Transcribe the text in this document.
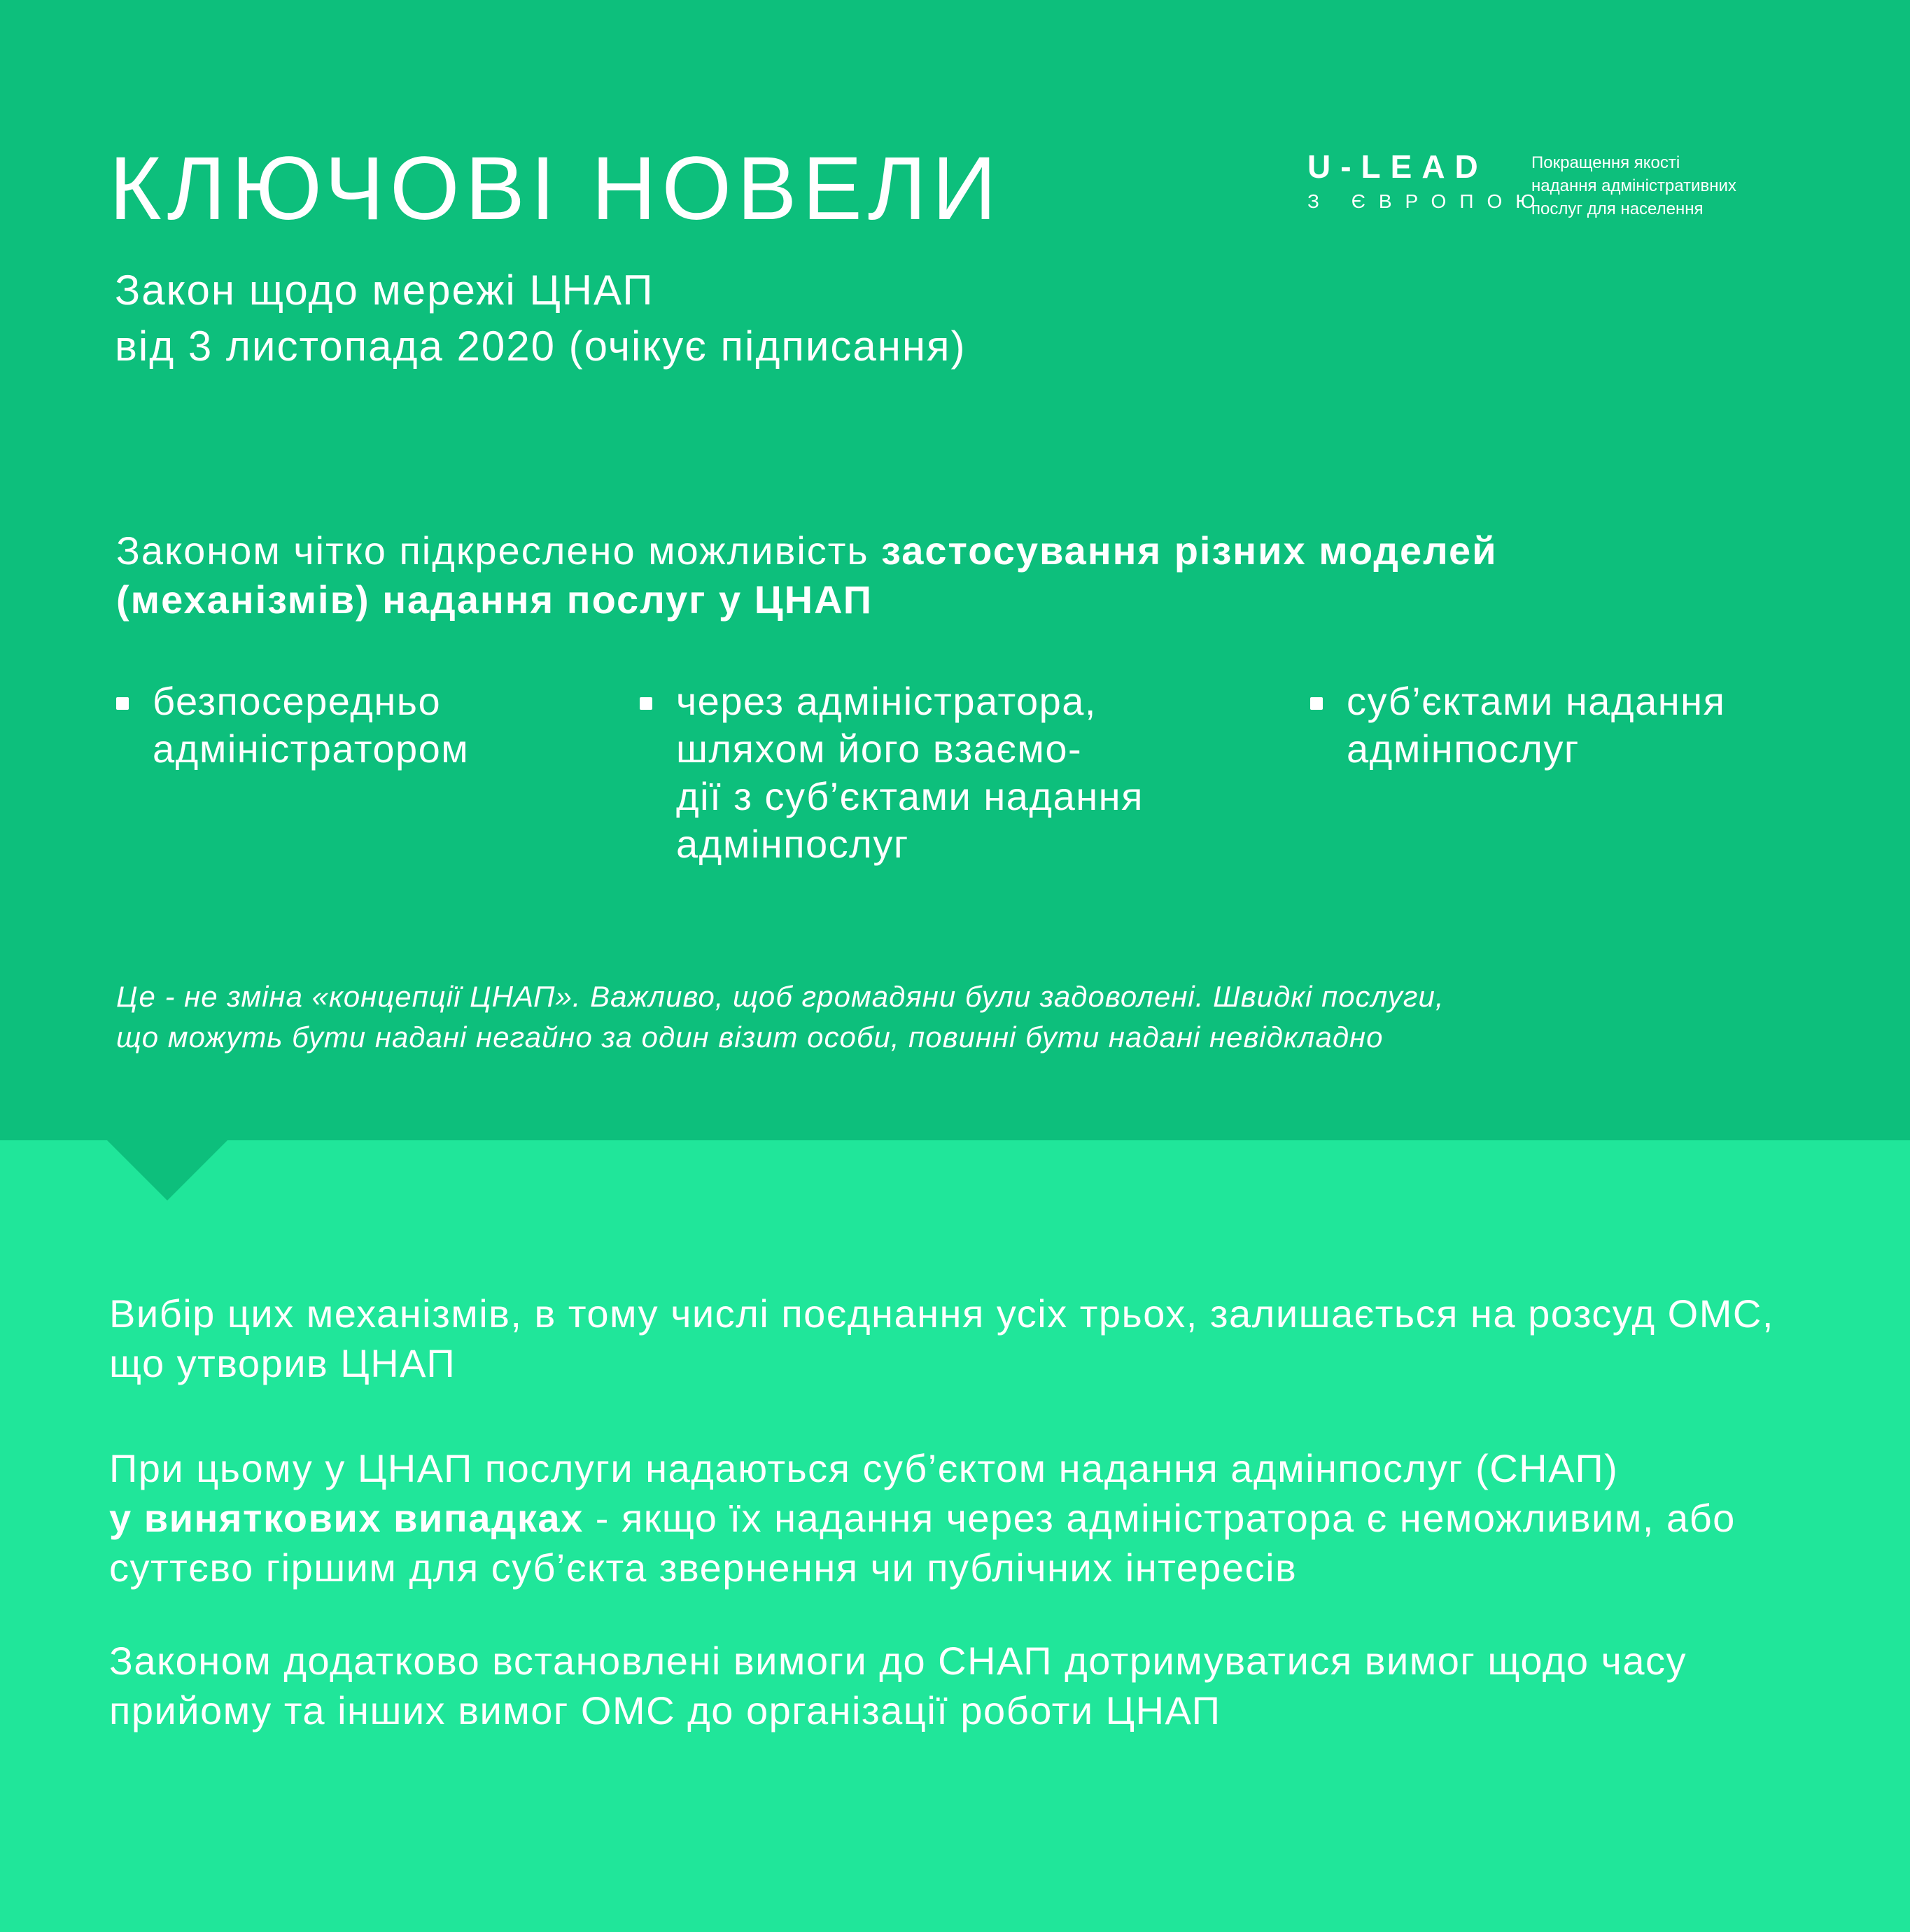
КЛЮЧОВІ НОВЕЛИ
Закон щодо мережі ЦНАП
від 3 листопада 2020 (очікує підписання)
U-LEAD
З ЄВРОПОЮ
Покращення якості
надання адміністративних
послуг для населення

Законом чітко підкреслено можливість застосування різних моделей (механізмів) надання послуг у ЦНАП

безпосередньо
адміністратором
через адміністратора,
шляхом його взаємо-
дії з суб’єктами надання
адмінпослуг
суб’єктами надання
адмінпослуг

Це - не зміна «концепції ЦНАП». Важливо, щоб громадяни були задоволені. Швидкі послуги,
що можуть бути надані негайно за один візит особи, повинні бути надані невідкладно

Вибір цих механізмів, в тому числі поєднання усіх трьох, залишається на розсуд ОМС, що утворив ЦНАП

При цьому у ЦНАП послуги надаються суб’єктом надання адмінпослуг (СНАП)
у виняткових випадках - якщо їх надання через адміністратора є неможливим, або суттєво гіршим для суб’єкта звернення чи публічних інтересів

Законом додатково встановлені вимоги до СНАП дотримуватися вимог щодо часу прийому та інших вимог ОМС до організації роботи ЦНАП
